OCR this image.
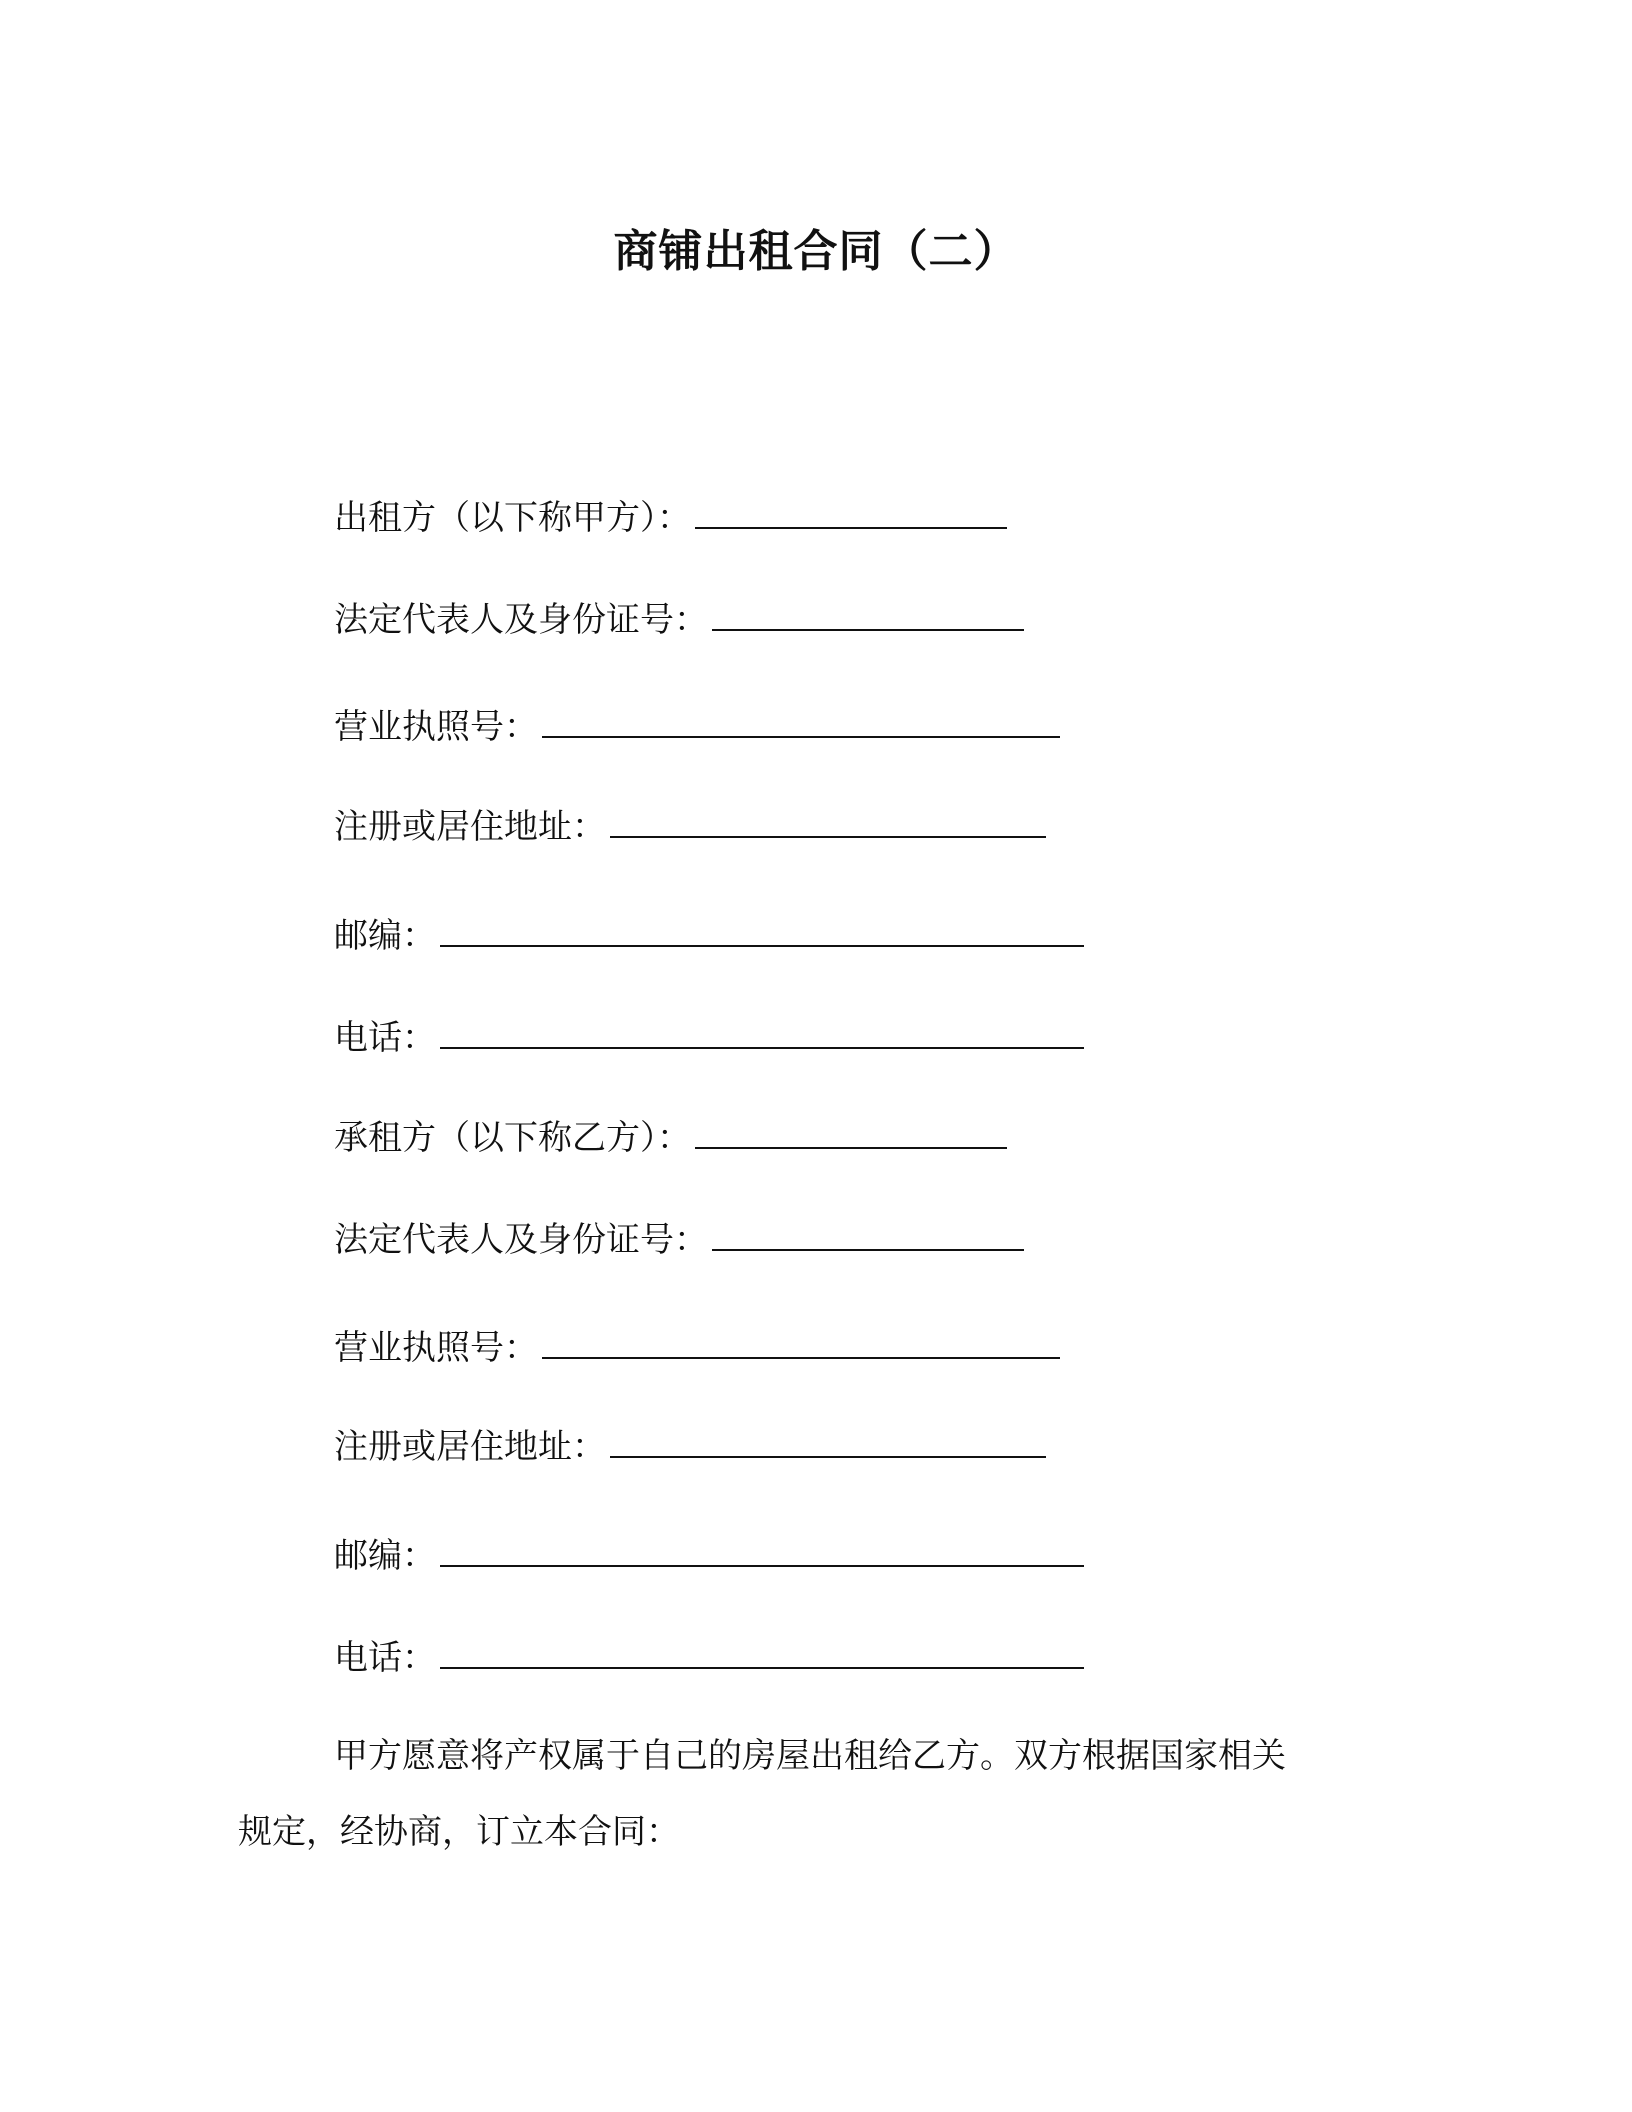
商铺出租合同（二）
出租方（以下称甲方）：
法定代表人及身份证号：
营业执照号：
注册或居住地址：
邮编：
电话：
承租方（以下称乙方）：
法定代表人及身份证号：
营业执照号：
注册或居住地址：
邮编：
电话：
甲方愿意将产权属于自己的房屋出租给乙方。双方根据国家相关
规定，经协商，订立本合同：
